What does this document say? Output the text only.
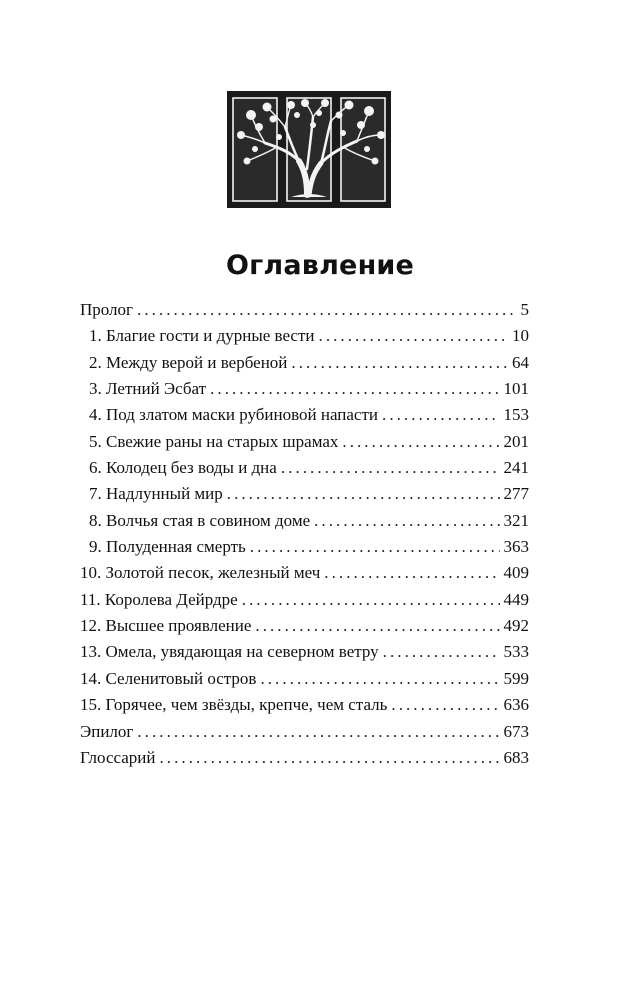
Оглавление
Пролог . . .	5
1. Благие гости и дурные вести . . .	10
2. Между верой и вербеной . . .	64
3. Летний Эсбат . . .	101
4. Под златом маски рубиновой напасти . . .	153
5. Свежие раны на старых шрамах . . .	201
6. Колодец без воды и дна . . .	241
7. Надлунный мир . . .	277
8. Волчья стая в совином доме . . .	321
9. Полуденная смерть . . .	363
10. Золотой песок, железный меч . . .	409
11. Королева Дейрдре . . .	449
12. Высшее проявление . . .	492
13. Омела, увядающая на северном ветру . . .	533
14. Селенитовый остров . . .	599
15. Горячее, чем звёзды, крепче, чем сталь . . .	636
Эпилог . . .	673
Глоссарий . . .	683
